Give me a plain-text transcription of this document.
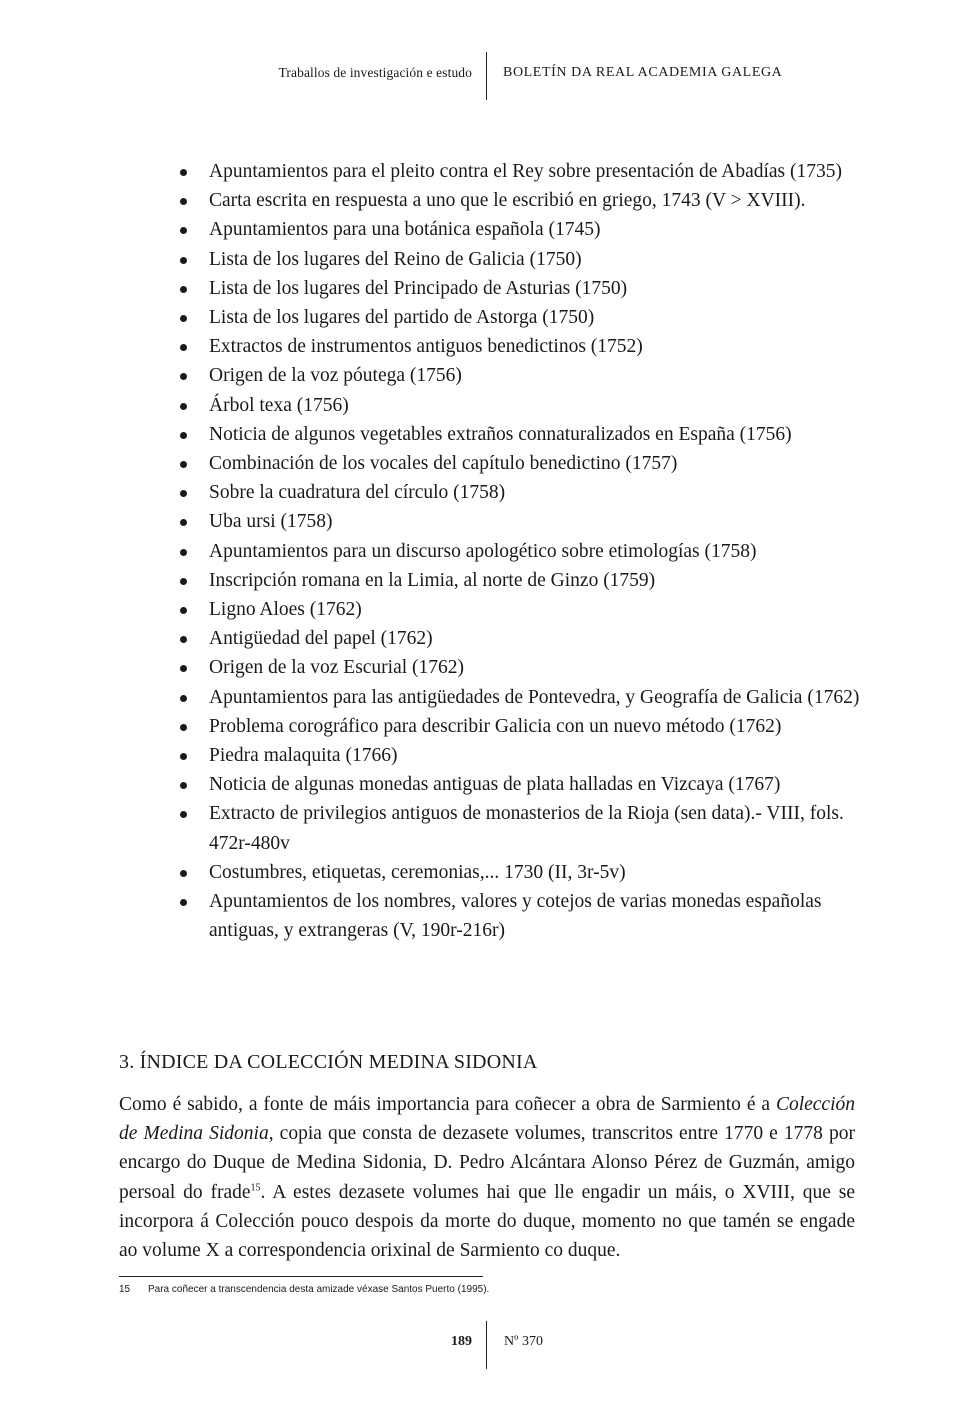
Traballos de investigación e estudo BOLETÍN DA REAL ACADEMIA GALEGA
Apuntamientos para el pleito contra el Rey sobre presentación de Abadías (1735)
Carta escrita en respuesta a uno que le escribió en griego, 1743 (V > XVIII).
Apuntamientos para una botánica española (1745)
Lista de los lugares del Reino de Galicia (1750)
Lista de los lugares del Principado de Asturias (1750)
Lista de los lugares del partido de Astorga (1750)
Extractos de instrumentos antiguos benedictinos (1752)
Origen de la voz póutega (1756)
Árbol texa (1756)
Noticia de algunos vegetables extraños connaturalizados en España (1756)
Combinación de los vocales del capítulo benedictino (1757)
Sobre la cuadratura del círculo (1758)
Uba ursi (1758)
Apuntamientos para un discurso apologético sobre etimologías (1758)
Inscripción romana en la Limia, al norte de Ginzo (1759)
Ligno Aloes (1762)
Antigüedad del papel (1762)
Origen de la voz Escurial (1762)
Apuntamientos para las antigüedades de Pontevedra, y Geografía de Galicia (1762)
Problema corográfico para describir Galicia con un nuevo método (1762)
Piedra malaquita (1766)
Noticia de algunas monedas antiguas de plata halladas en Vizcaya (1767)
Extracto de privilegios antiguos de monasterios de la Rioja (sen data).- VIII, fols. 472r-480v
Costumbres, etiquetas, ceremonias,... 1730 (II, 3r-5v)
Apuntamientos de los nombres, valores y cotejos de varias monedas españolas antiguas, y extrangeras (V, 190r-216r)
3. ÍNDICE DA COLECCIÓN MEDINA SIDONIA

Como é sabido, a fonte de máis importancia para coñecer a obra de Sarmiento é a Colección de Medina Sidonia, copia que consta de dezasete volumes, transcritos entre 1770 e 1778 por encargo do Duque de Medina Sidonia, D. Pedro Alcántara Alonso Pérez de Guzmán, amigo persoal do frade$^{15}$. A estes dezasete volumes hai que lle engadir un máis, o XVIII, que se incorpora á Colección pouco despois da morte do duque, momento no que tamén se engade ao volume X a correspondencia orixinal de Sarmiento co duque.

15 Para coñecer a transcendencia desta amizade véxase Santos Puerto (1995).
189 Nº 370
